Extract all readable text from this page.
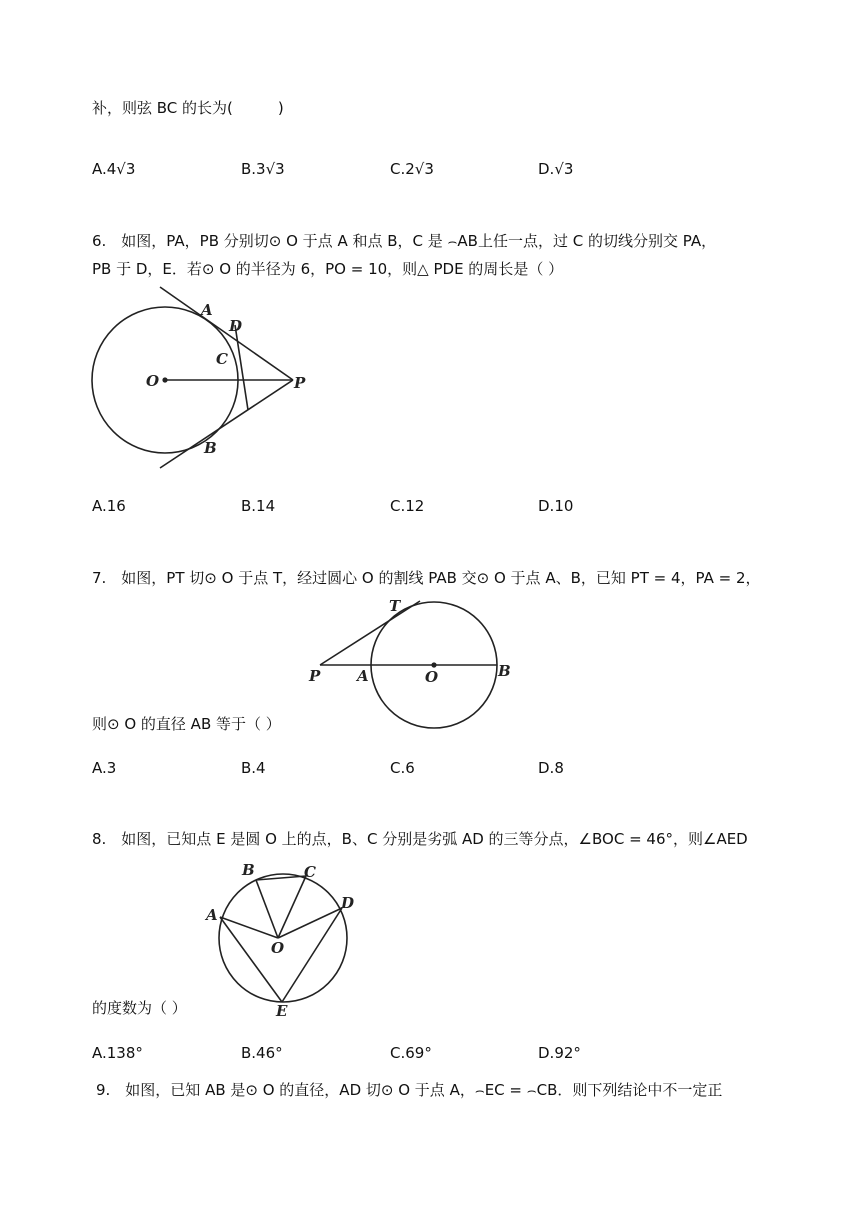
补，则弦 BC 的长为(　　　)
A.4√3	B.3√3	C.2√3	D.√3
6.　如图，PA，PB 分别切⊙ O 于点 A 和点 B，C 是 ⌢AB上任一点，过 C 的切线分别交 PA，
PB 于 D，E．若⊙ O 的半径为 6，PO = 10，则△ PDE 的周长是（ ）
A
D
C
O	P
B
A.16	B.14	C.12	D.10
7.　如图，PT 切⊙ O 于点 T，经过圆心 O 的割线 PAB 交⊙ O 于点 A、B，已知 PT = 4，PA = 2，
T
P A	O	B
则⊙ O 的直径 AB 等于（ ）
A.3	B.4	C.6	D.8
8.　如图，已知点 E 是圆 O 上的点，B、C 分别是劣弧 AD 的三等分点，∠BOC = 46°，则∠AED
B	C
D
A
O
E
的度数为（ ）
A.138°	B.46°	C.69°	D.92°
9.　如图，已知 AB 是⊙ O 的直径，AD 切⊙ O 于点 A，⌢EC = ⌢CB．则下列结论中不一定正
